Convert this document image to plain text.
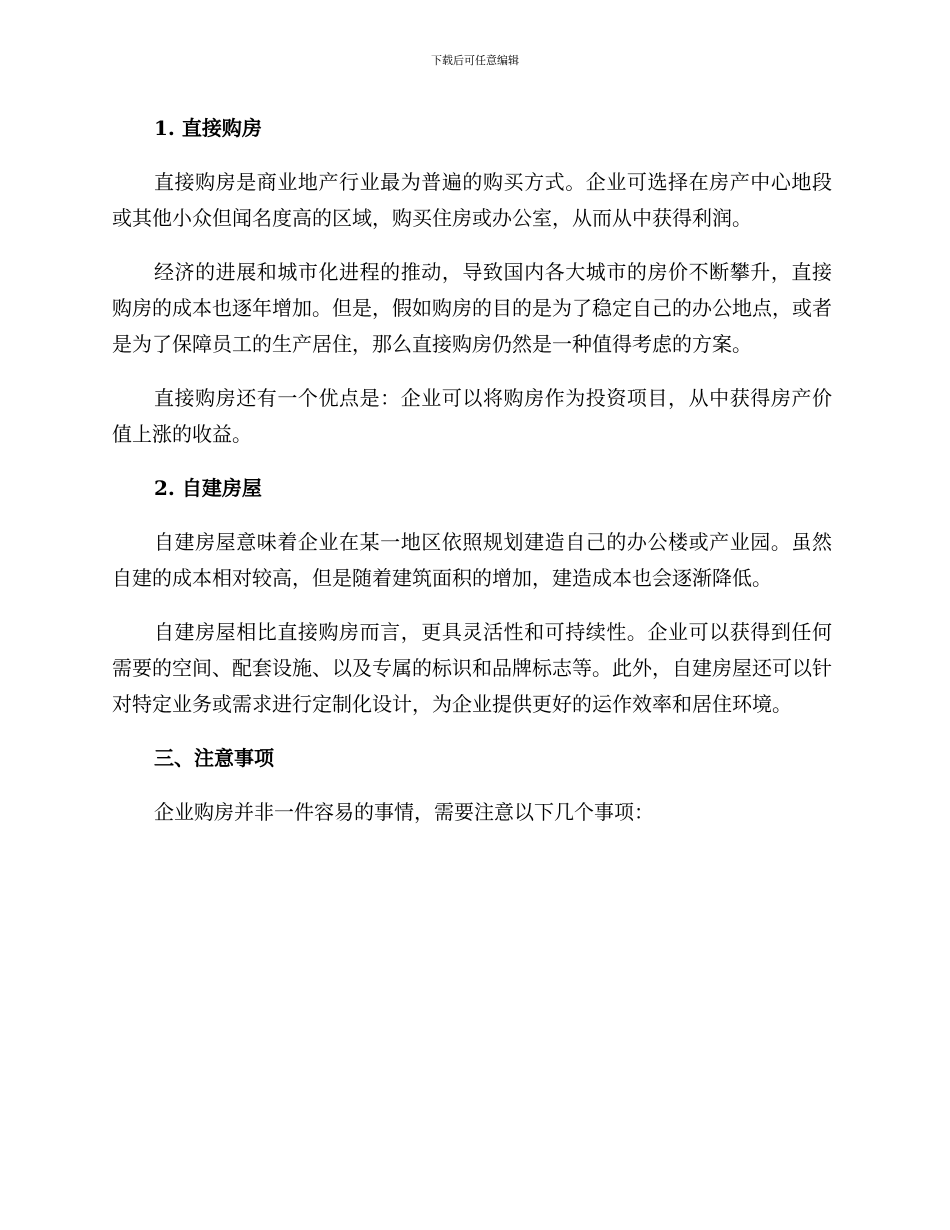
下载后可任意编辑
1. 直接购房

直接购房是商业地产行业最为普遍的购买方式。企业可选择在房产中心地段或其他小众但闻名度高的区域，购买住房或办公室，从而从中获得利润。

经济的进展和城市化进程的推动，导致国内各大城市的房价不断攀升，直接购房的成本也逐年增加。但是，假如购房的目的是为了稳定自己的办公地点，或者是为了保障员工的生产居住，那么直接购房仍然是一种值得考虑的方案。

直接购房还有一个优点是：企业可以将购房作为投资项目，从中获得房产价值上涨的收益。

2. 自建房屋

自建房屋意味着企业在某一地区依照规划建造自己的办公楼或产业园。虽然自建的成本相对较高，但是随着建筑面积的增加，建造成本也会逐渐降低。

自建房屋相比直接购房而言，更具灵活性和可持续性。企业可以获得到任何需要的空间、配套设施、以及专属的标识和品牌标志等。此外，自建房屋还可以针对特定业务或需求进行定制化设计，为企业提供更好的运作效率和居住环境。

三、注意事项

企业购房并非一件容易的事情，需要注意以下几个事项：
